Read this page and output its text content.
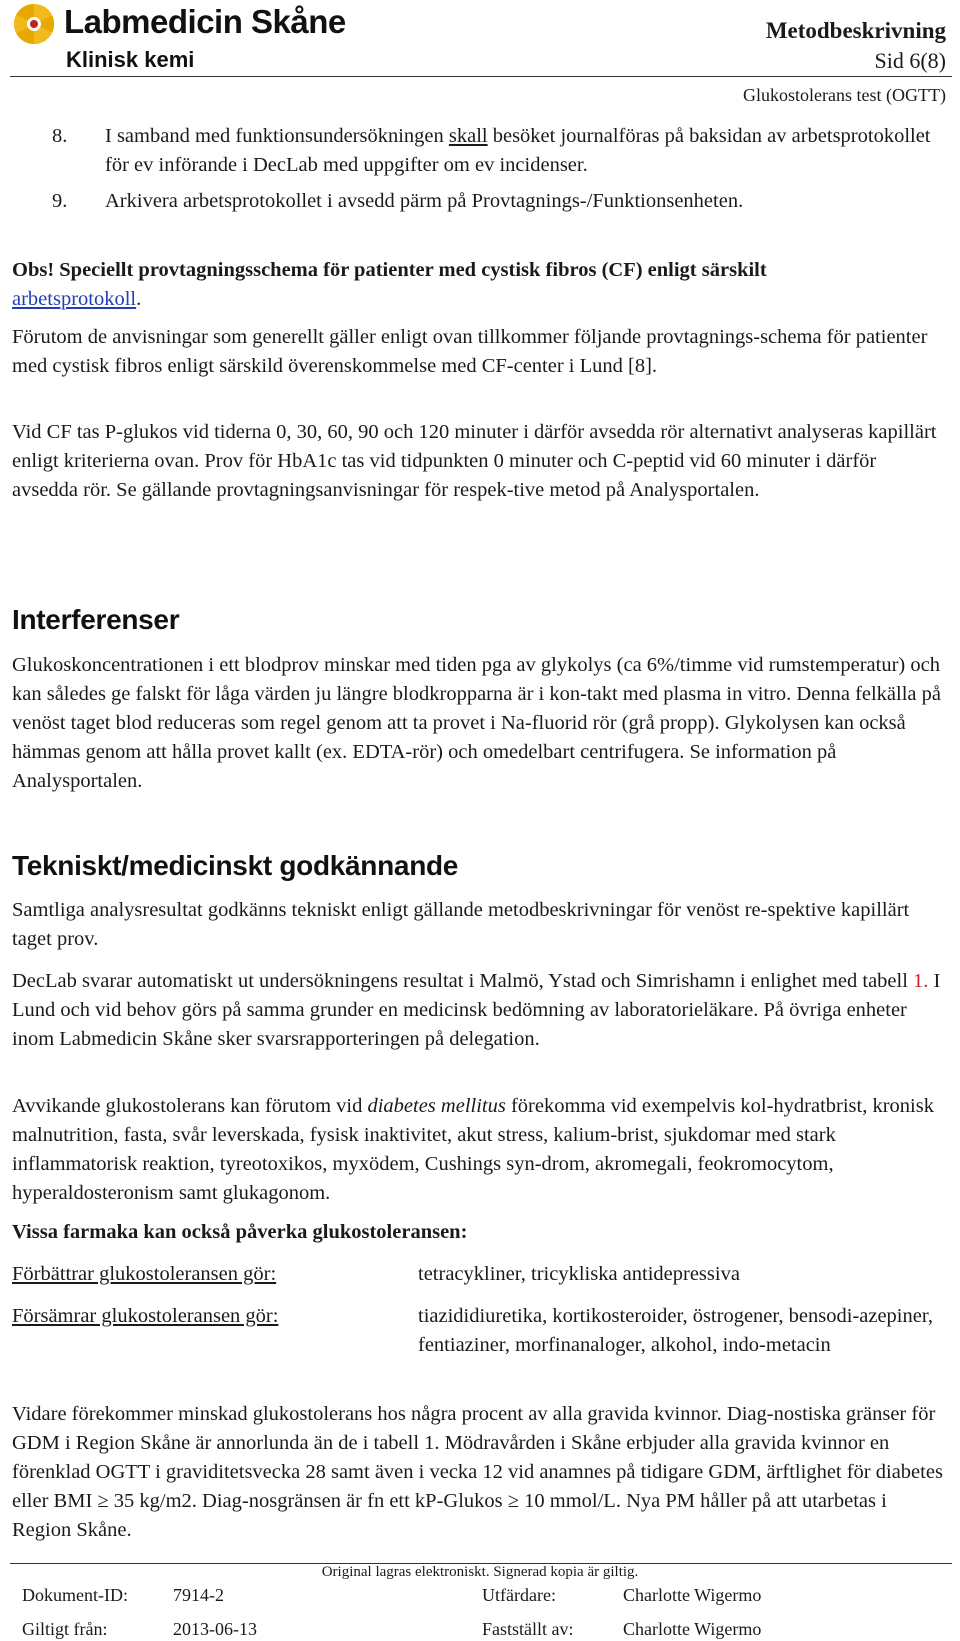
Labmedicin Skåne
Klinisk kemi
Metodbeskrivning
Sid 6(8)
Glukostolerans test (OGTT)
8. I samband med funktionsundersökningen skall besöket journalföras på baksidan av arbetsprotokollet för ev införande i DecLab med uppgifter om ev incidenser.
9. Arkivera arbetsprotokollet i avsedd pärm på Provtagnings-/Funktionsenheten.
Obs! Speciellt provtagningsschema för patienter med cystisk fibros (CF) enligt särskilt
arbetsprotokoll.
Förutom de anvisningar som generellt gäller enligt ovan tillkommer följande provtagnings-schema för patienter med cystisk fibros enligt särskild överenskommelse med CF-center i Lund [8].
Vid CF tas P-glukos vid tiderna 0, 30, 60, 90 och 120 minuter i därför avsedda rör alternativt analyseras kapillärt enligt kriterierna ovan. Prov för HbA1c tas vid tidpunkten 0 minuter och C-peptid vid 60 minuter i därför avsedda rör. Se gällande provtagningsanvisningar för respek-tive metod på Analysportalen.
Interferenser
Glukoskoncentrationen i ett blodprov minskar med tiden pga av glykolys (ca 6%/timme vid rumstemperatur) och kan således ge falskt för låga värden ju längre blodkropparna är i kon-takt med plasma in vitro. Denna felkälla på venöst taget blod reduceras som regel genom att ta provet i Na-fluorid rör (grå propp). Glykolysen kan också hämmas genom att hålla provet kallt (ex. EDTA-rör) och omedelbart centrifugera. Se information på Analysportalen.
Tekniskt/medicinskt godkännande
Samtliga analysresultat godkänns tekniskt enligt gällande metodbeskrivningar för venöst re-spektive kapillärt taget prov.
DecLab svarar automatiskt ut undersökningens resultat i Malmö, Ystad och Simrishamn i enlighet med tabell 1. I Lund och vid behov görs på samma grunder en medicinsk bedömning av laboratorieläkare. På övriga enheter inom Labmedicin Skåne sker svarsrapporteringen på delegation.
Avvikande glukostolerans kan förutom vid diabetes mellitus förekomma vid exempelvis kol-hydratbrist, kronisk malnutrition, fasta, svår leverskada, fysisk inaktivitet, akut stress, kalium-brist, sjukdomar med stark inflammatorisk reaktion, tyreotoxikos, myxödem, Cushings syn-drom, akromegali, feokromocytom, hyperaldosteronism samt glukagonom.
Vissa farmaka kan också påverka glukostoleransen:
Förbättrar glukostoleransen gör:	tetracykliner, tricykliska antidepressiva
Försämrar glukostoleransen gör:	tiazididiuretika, kortikosteroider, östrogener, bensodi-azepiner, fentiaziner, morfinanaloger, alkohol, indo-metacin
Vidare förekommer minskad glukostolerans hos några procent av alla gravida kvinnor. Diag-nostiska gränser för GDM i Region Skåne är annorlunda än de i tabell 1. Mödravården i Skåne erbjuder alla gravida kvinnor en förenklad OGTT i graviditetsvecka 28 samt även i vecka 12 vid anamnes på tidigare GDM, ärftlighet för diabetes eller BMI ≥ 35 kg/m2. Diag-nosgränsen är fn ett kP-Glukos ≥ 10 mmol/L. Nya PM håller på att utarbetas i Region Skåne.
Original lagras elektroniskt. Signerad kopia är giltig.
Dokument-ID:	7914-2	Utfärdare:	Charlotte Wigermo
Giltigt från:	2013-06-13	Fastställt av:	Charlotte Wigermo
